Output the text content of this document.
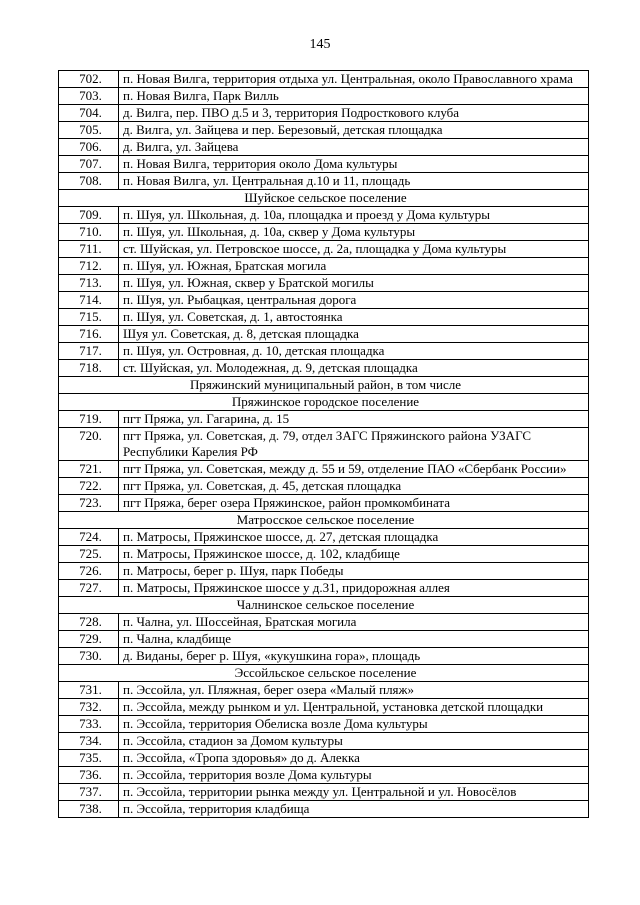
145
702.	п. Новая Вилга, территория отдыха ул. Центральная, около Православного храма
703.	п. Новая Вилга, Парк Вилль
704.	д. Вилга, пер. ПВО д.5 и 3, территория Подросткового клуба
705.	д. Вилга, ул. Зайцева и пер. Березовый, детская площадка
706.	д. Вилга, ул. Зайцева
707.	п. Новая Вилга, территория около Дома культуры
708.	п. Новая Вилга, ул. Центральная д.10 и 11, площадь
Шуйское сельское поселение	
709.	п. Шуя, ул. Школьная, д. 10а, площадка и проезд у Дома культуры
710.	п. Шуя, ул. Школьная, д. 10а, сквер у Дома культуры
711.	ст. Шуйская, ул. Петровское шоссе, д. 2а, площадка у Дома культуры
712.	п. Шуя, ул. Южная, Братская могила
713.	п. Шуя, ул. Южная, сквер у Братской могилы
714.	п. Шуя, ул. Рыбацкая, центральная дорога
715.	п. Шуя, ул. Советская, д. 1, автостоянка
716.	Шуя ул. Советская, д. 8, детская площадка
717.	п. Шуя, ул. Островная, д. 10, детская площадка
718.	ст. Шуйская, ул. Молодежная, д. 9, детская площадка
Пряжинский муниципальный район, в том числе	
Пряжинское городское поселение	
719.	пгт Пряжа, ул. Гагарина, д. 15
720.	пгт Пряжа, ул. Советская, д. 79, отдел ЗАГС Пряжинского района УЗАГС Республики Карелия РФ
721.	пгт Пряжа, ул. Советская, между д. 55 и 59, отделение ПАО «Сбербанк России»
722.	пгт Пряжа, ул. Советская, д. 45, детская площадка
723.	пгт Пряжа, берег озера Пряжинское, район промкомбината
Матросское сельское поселение	
724.	п. Матросы, Пряжинское шоссе, д. 27, детская площадка
725.	п. Матросы, Пряжинское шоссе, д. 102, кладбище
726.	п. Матросы, берег р. Шуя, парк Победы
727.	п. Матросы, Пряжинское шоссе у д.31, придорожная аллея
Чалнинское сельское поселение	
728.	п. Чална, ул. Шоссейная, Братская могила
729.	п. Чална, кладбище
730.	д. Виданы, берег р. Шуя, «кукушкина гора», площадь
Эссойльское сельское поселение	
731.	п. Эссойла, ул. Пляжная, берег озера «Малый пляж»
732.	п. Эссойла, между рынком и ул. Центральной, установка детской площадки
733.	п. Эссойла, территория Обелиска возле Дома культуры
734.	п. Эссойла, стадион за Домом культуры
735.	п. Эссойла, «Тропа здоровья» до д. Алекка
736.	п. Эссойла, территория возле Дома культуры
737.	п. Эссойла, территории рынка между ул. Центральной и ул. Новосёлов
738.	п. Эссойла, территория кладбища
